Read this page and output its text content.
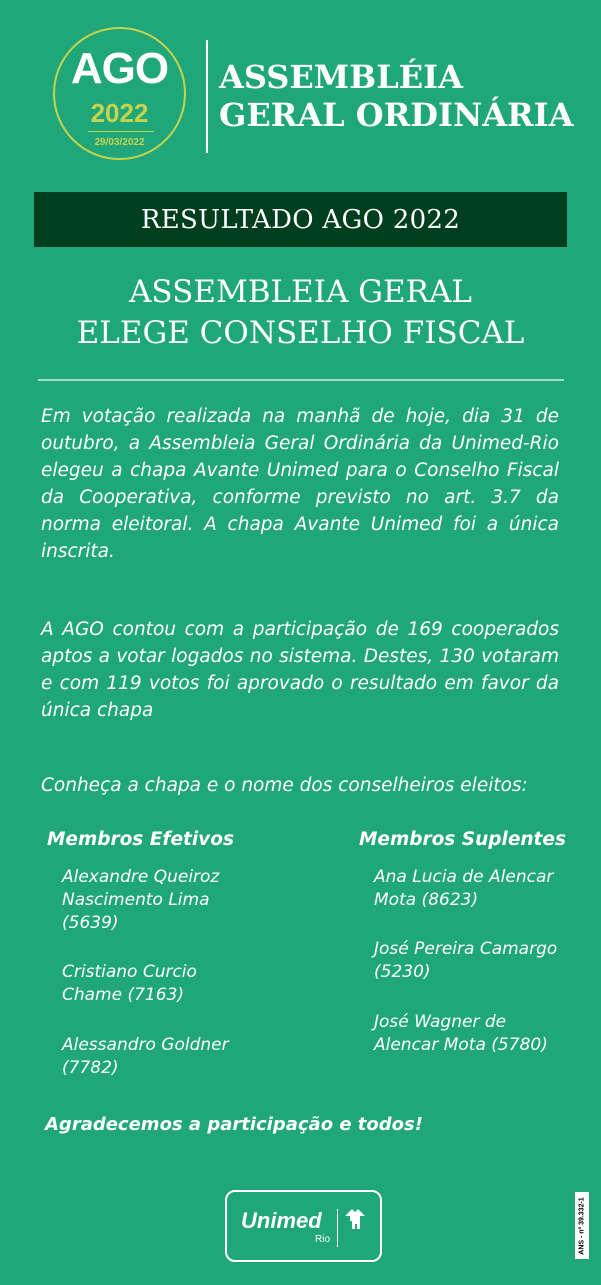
AGO
2022
29/03/2022
ASSEMBLÉIA
GERAL ORDINÁRIA
RESULTADO AGO 2022
ASSEMBLEIA GERAL
ELEGE CONSELHO FISCAL
Em votação realizada na manhã de hoje, dia 31 de outubro, a Assembleia Geral Ordinária da Unimed-Rio elegeu a chapa Avante Unimed para o Conselho Fiscal da Cooperativa, conforme previsto no art. 3.7 da norma eleitoral. A chapa Avante Unimed foi a única inscrita.
A AGO contou com a participação de 169 cooperados aptos a votar logados no sistema. Destes, 130 votaram e com 119 votos foi aprovado o resultado em favor da única chapa
Conheça a chapa e o nome dos conselheiros eleitos:
Membros Efetivos	Membros Suplentes
Alexandre Queiroz Nascimento Lima (5639)
Cristiano Curcio Chame (7163)
Alessandro Goldner (7782)
Ana Lucia de Alencar Mota (8623)
José Pereira Camargo (5230)
José Wagner de Alencar Mota (5780)
Agradecemos a participação e todos!
Unimed
Rio	ANS - nº 39.332-1
